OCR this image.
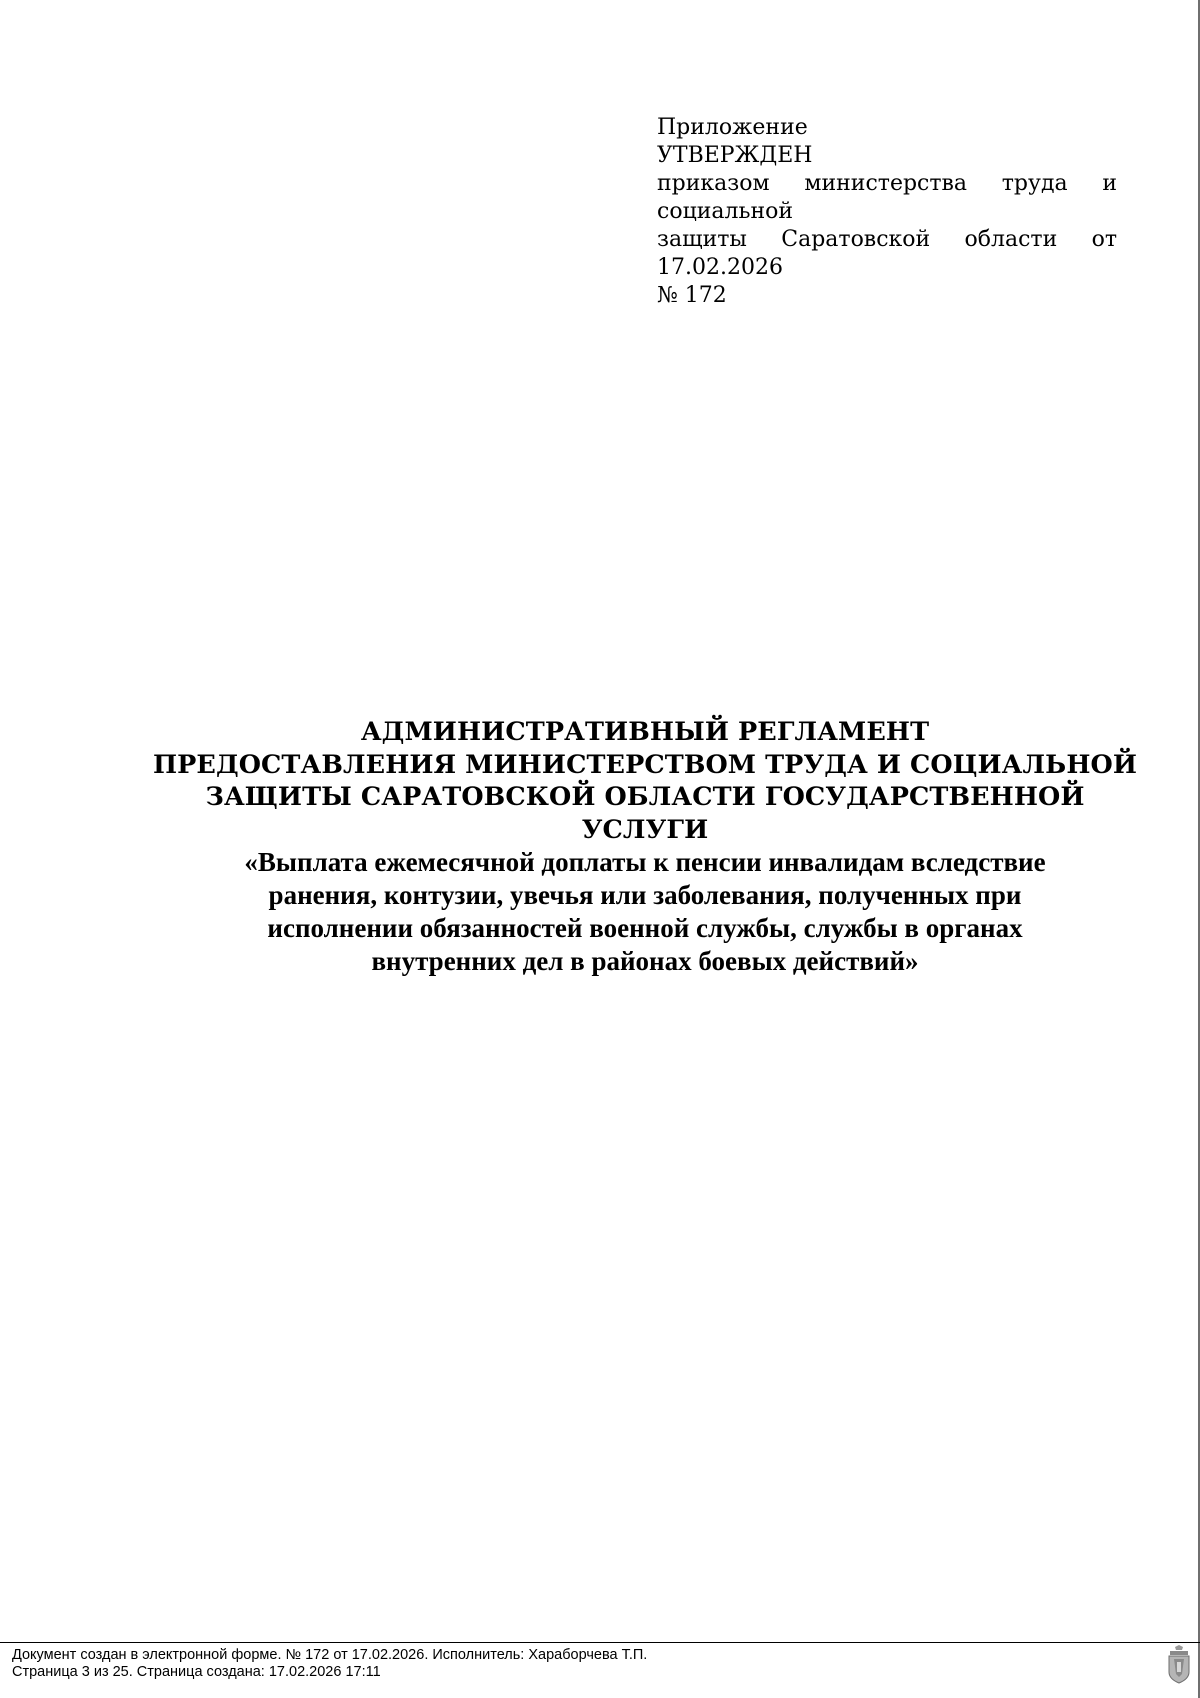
Приложение
УТВЕРЖДЕН
приказом министерства труда и социальной
защиты Саратовской области от 17.02.2026
№ 172
АДМИНИСТРАТИВНЫЙ РЕГЛАМЕНТ
ПРЕДОСТАВЛЕНИЯ МИНИСТЕРСТВОМ ТРУДА И СОЦИАЛЬНОЙ
ЗАЩИТЫ САРАТОВСКОЙ ОБЛАСТИ ГОСУДАРСТВЕННОЙ
УСЛУГИ
«Выплата ежемесячной доплаты к пенсии инвалидам вследствие
ранения, контузии, увечья или заболевания, полученных при
исполнении обязанностей военной службы, службы в органах
внутренних дел в районах боевых действий»
Документ создан в электронной форме. № 172 от 17.02.2026. Исполнитель: Хараборчева Т.П.
Страница 3 из 25. Страница создана: 17.02.2026 17:11
